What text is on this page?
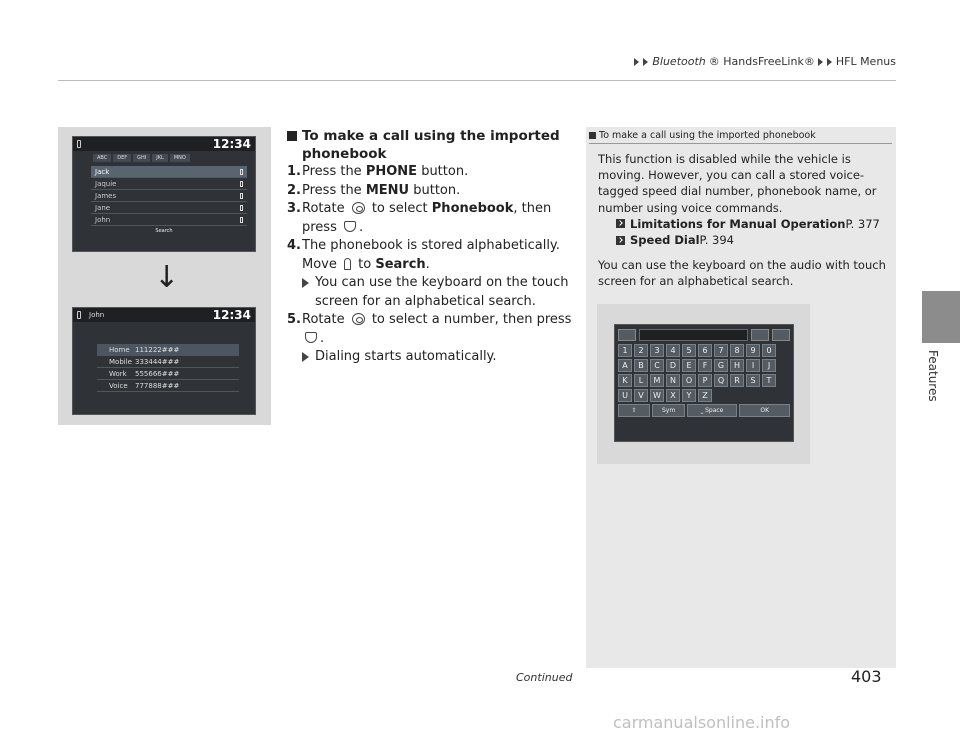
Bluetooth ® HandsFreeLink® HFL Menus
Features
12:34
ABC	DEF	GHI	JKL	MNO
Jack
Jaquie
James
Jane
John
Search
↓
John	12:34
Home 111222###
Mobile 333444###
Work	555666###
Voice	777888###
To make a call using the imported phonebook
1. Press the PHONE button.
2. Press the MENU button.
3. Rotate  to select Phonebook, then press .
4. The phonebook is stored alphabetically. Move  to Search.
You can use the keyboard on the touch screen for an alphabetical search.
5. Rotate  to select a number, then press .
Dialing starts automatically.
To make a call using the imported phonebook
This function is disabled while the vehicle is moving. However, you can call a stored voice-tagged speed dial number, phonebook name, or number using voice commands.
Limitations for Manual Operation P. 377
Speed Dial P. 394
You can use the keyboard on the audio with touch screen for an alphabetical search.
1	2	3	4	5	6	7	8	9	0
A	B	C	D	E	F	G	H	I	J
K	L	M	N	O	P	Q	R	S	T
U	V	W	X	Y	Z
⇧	Sym	⎵ Space	OK
Continued	403
carmanualsonline.info
